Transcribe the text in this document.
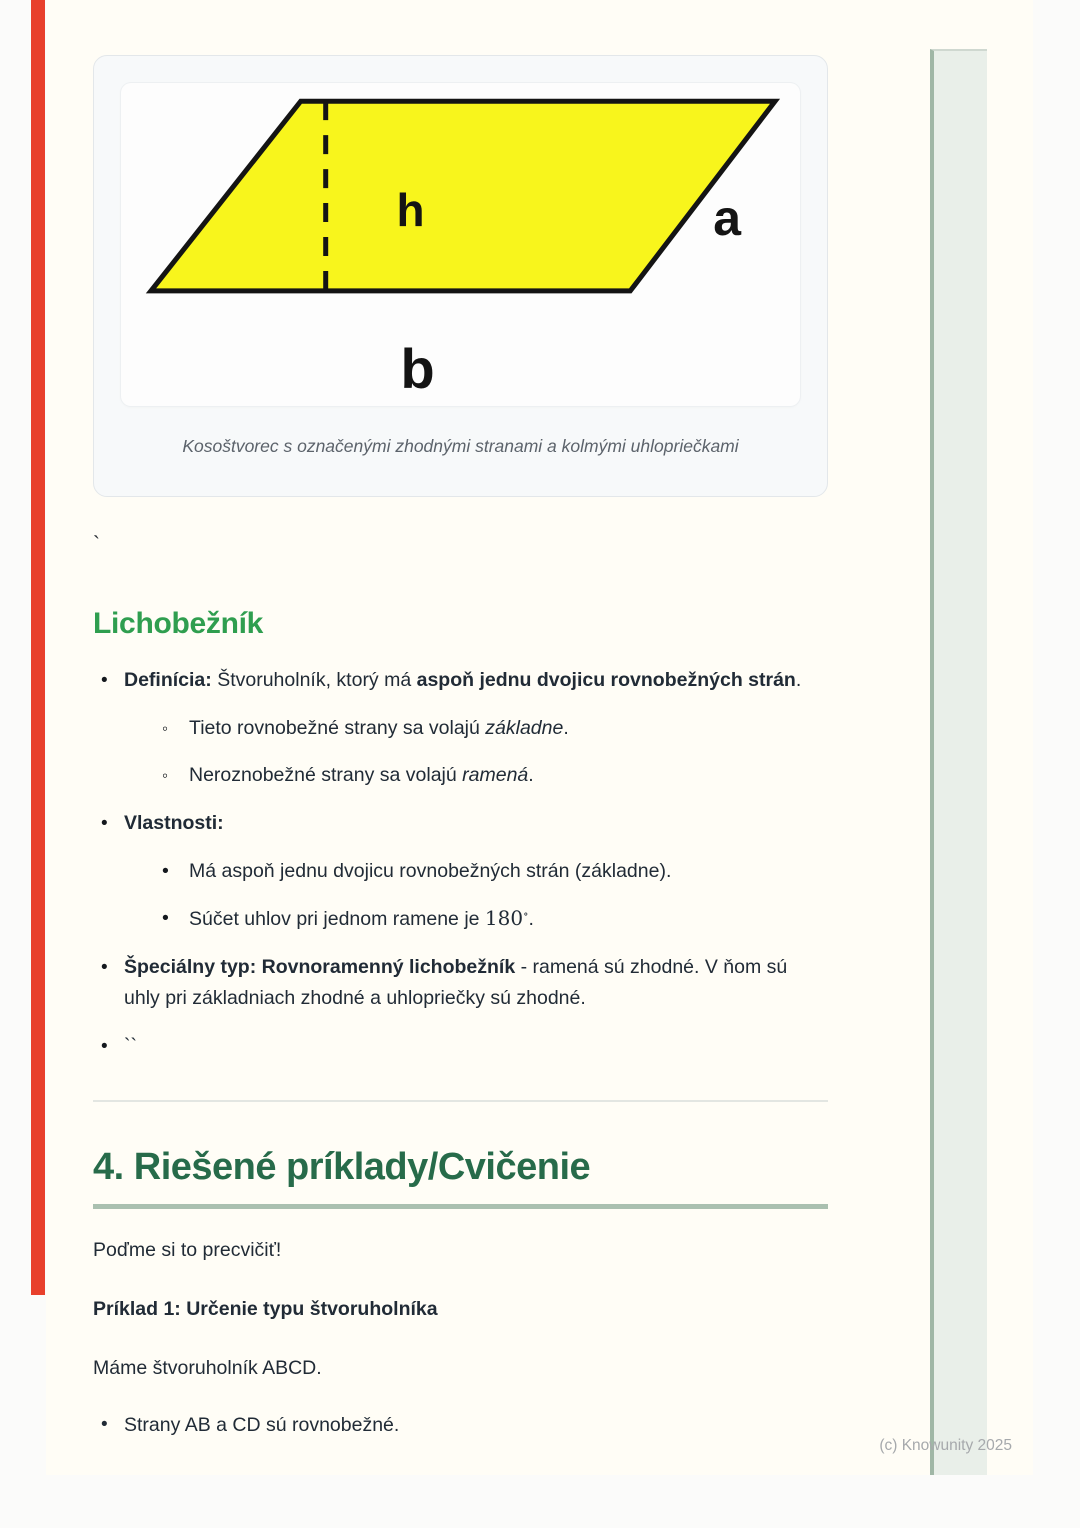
h	a
b
Kosoštvorec s označenými zhodnými stranami a kolmými uhlopriečkami
`
Lichobežník
• Definícia: Štvoruholník, ktorý má aspoň jednu dvojicu rovnobežných strán.
◦ Tieto rovnobežné strany sa volajú základne.
◦ Neroznobežné strany sa volajú ramená.
• Vlastnosti:
• Má aspoň jednu dvojicu rovnobežných strán (základne).
• Súčet uhlov pri jednom ramene je 180∘.
• Špeciálny typ: Rovnoramenný lichobežník - ramená sú zhodné. V ňom sú uhly pri základniach zhodné a uhlopriečky sú zhodné.
• ``
4. Riešené príklady/Cvičenie

Poďme si to precvičiť!

Príklad 1: Určenie typu štvoruholníka

Máme štvoruholník ABCD.

• Strany AB a CD sú rovnobežné.
(c) Knowunity 2025
